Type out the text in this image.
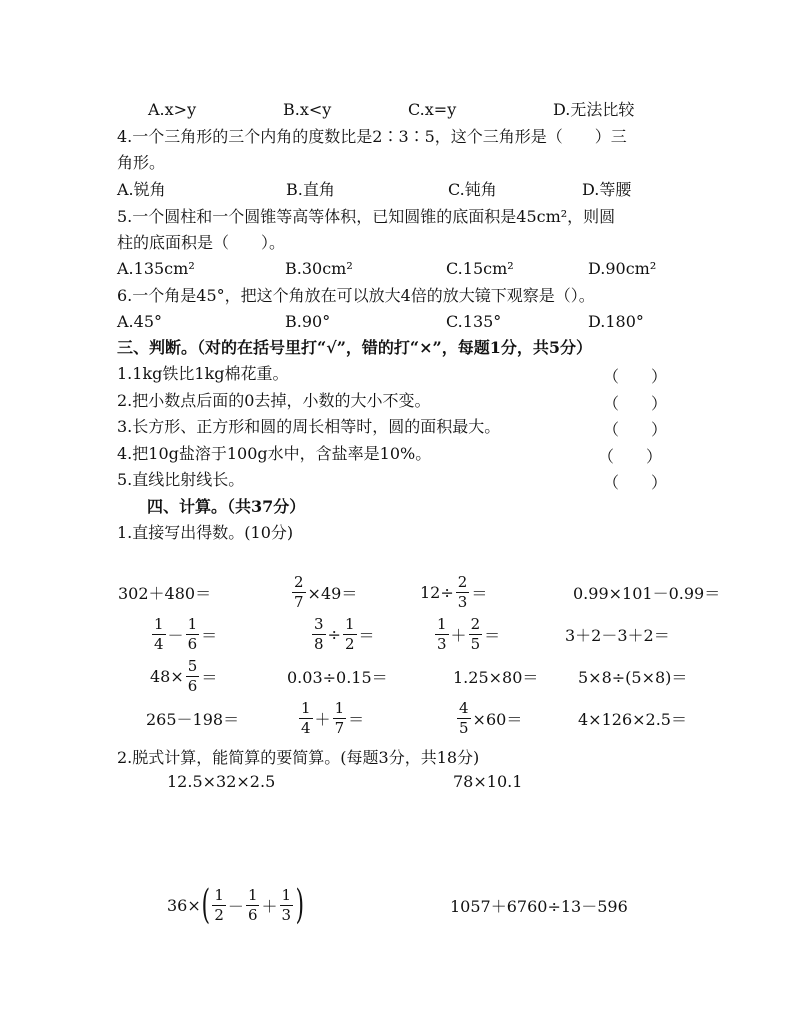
A.x>y	B.x<y	C.x=y	D.无法比较
4.一个三角形的三个内角的度数比是2∶3∶5，这个三角形是（　　）三
角形。
A.锐角	B.直角	C.钝角	D.等腰
5.一个圆柱和一个圆锥等高等体积，已知圆锥的底面积是45cm²，则圆
柱的底面积是（　　）。
A.135cm²	B.30cm²	C.15cm²	D.90cm²
6.一个角是45°，把这个角放在可以放大4倍的放大镜下观察是（）。
A.45°	B.90°	C.135°	D.180°
三、判断。（对的在括号里打“√”，错的打“×”，每题1分，共5分）
1.1kg铁比1kg棉花重。	（　　）
2.把小数点后面的0去掉，小数的大小不变。	（　　）
3.长方形、正方形和圆的周长相等时，圆的面积最大。	（　　）
4.把10g盐溶于100g水中，含盐率是10%。	（　　）
5.直线比射线长。	（　　）
四、计算。（共37分）
1.直接写出得数。(10分)
302＋480＝	$\frac{2}{7} \times 49=$	$12\div \frac{2}{3}$ ＝	0.99×101－0.99＝
$\frac{1}{4} - \frac{1}{6}$ ＝	$\frac{3}{8} \div \frac{1}{2}$ ＝	$\frac{1}{3} + \frac{2}{5}$ ＝	3＋2－3＋2＝
$48\times \frac{5}{6}$ ＝	0.03÷0.15＝	1.25×80＝ 5×8÷(5×8)＝
265－198＝	$\frac{1}{4} + \frac{1}{7}$ ＝	$\frac{4}{5} \times 60=$	4×126×2.5＝
2.脱式计算，能简算的要简算。(每题3分，共18分)
12.5×32×2.5	78×10.1
36× ( $\frac{1}{2} - \frac{1}{6} + \frac{1}{3}$ )	1057＋6760÷13－596
